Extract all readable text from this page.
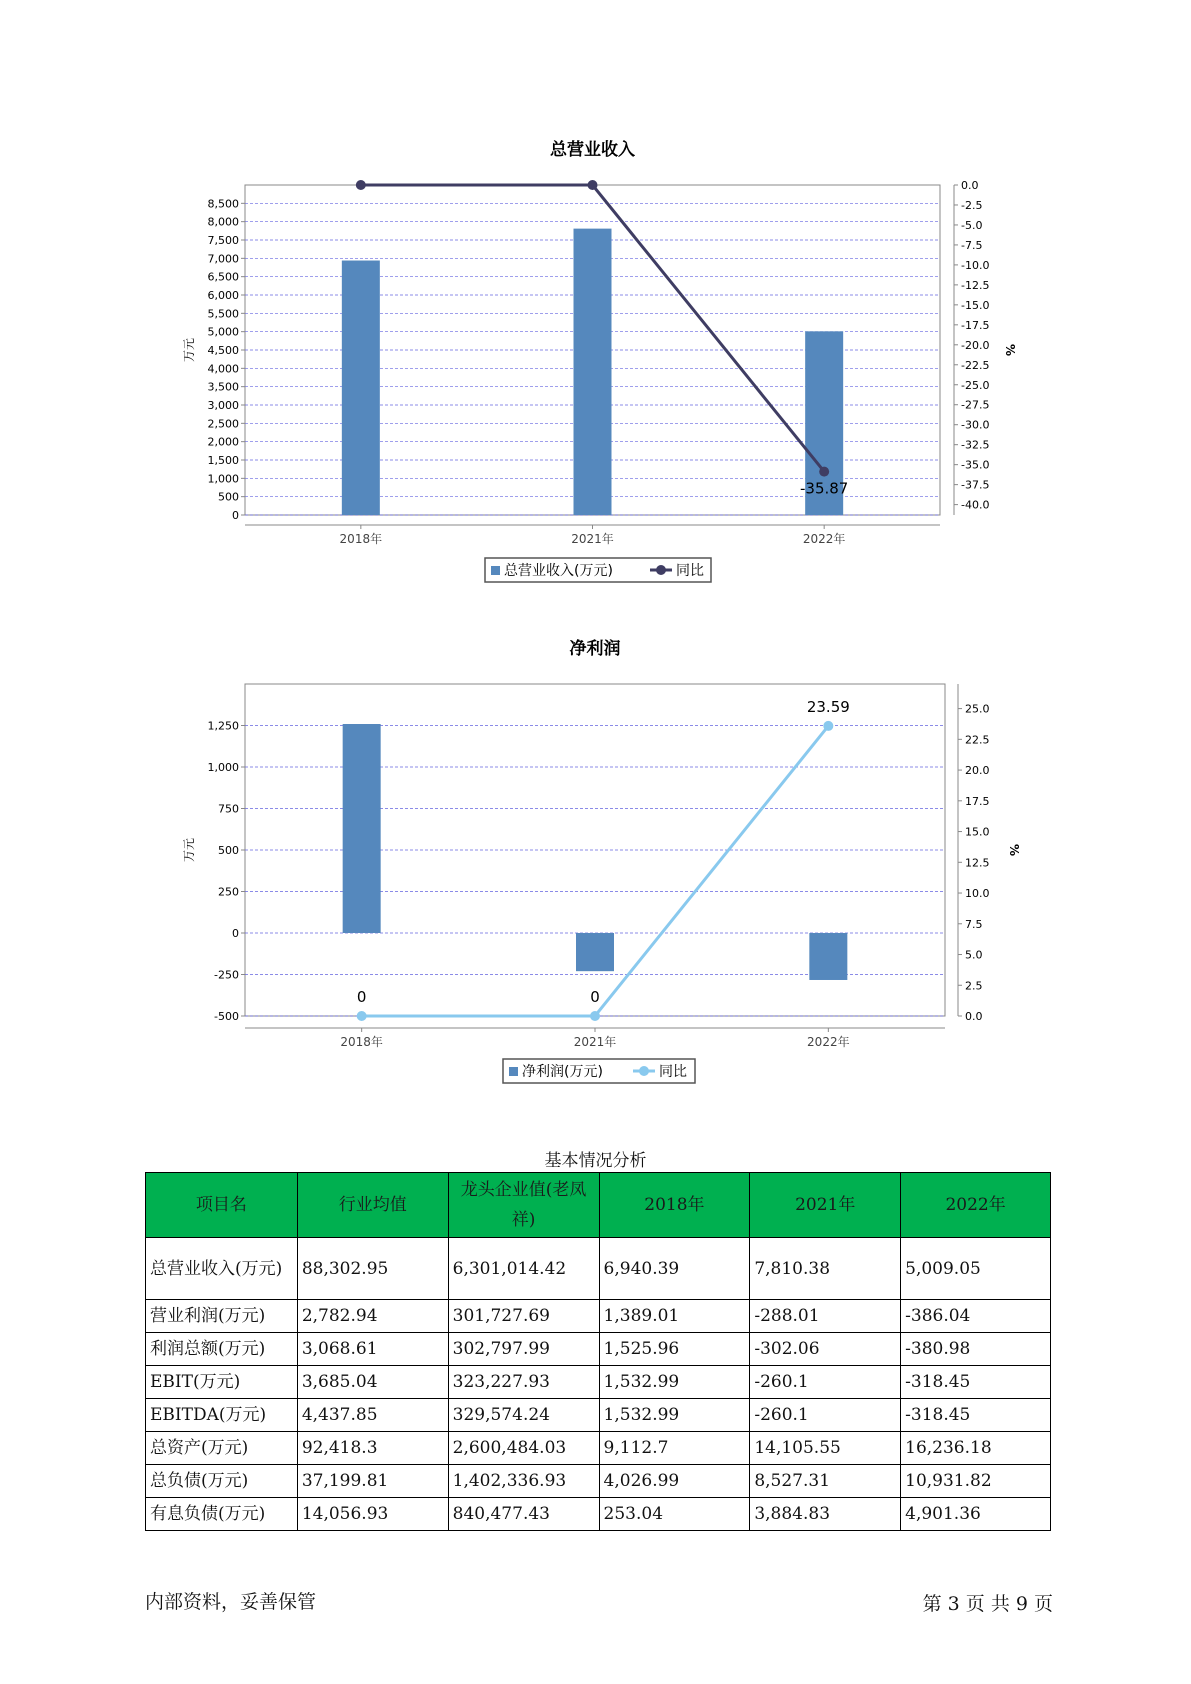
总营业收入
0
500
1,000
1,500
2,000
2,500
3,000
3,500
4,000
4,500
5,000
5,500
6,000
6,500
7,000
7,500
8,000
8,500
0.0
-2.5
-5.0
-7.5
-10.0
-12.5
-15.0
-17.5
-20.0
-22.5
-25.0
-27.5
-30.0
-32.5
-35.0
-37.5
-40.0
2018年	2021年	2022年
万元	%
-35.87
总营业收入(万元)	同比
净利润
-500
-250
0
250
500
750
1,000
1,250
0.0
2.5
5.0
7.5
10.0
12.5
15.0
17.5
20.0
22.5
25.0
2018年	2021年	2022年
万元	%
0	0
23.59
净利润(万元)	同比
基本情况分析
项目名	行业均值	龙头企业值(老凤祥)	2018年	2021年	2022年
总营业收入(万元)	88,302.95	6,301,014.42	6,940.39	7,810.38	5,009.05
营业利润(万元)	2,782.94	301,727.69	1,389.01	-288.01	-386.04
利润总额(万元)	3,068.61	302,797.99	1,525.96	-302.06	-380.98
EBIT(万元)	3,685.04	323,227.93	1,532.99	-260.1	-318.45
EBITDA(万元)	4,437.85	329,574.24	1,532.99	-260.1	-318.45
总资产(万元)	92,418.3	2,600,484.03	9,112.7	14,105.55	16,236.18
总负债(万元)	37,199.81	1,402,336.93	4,026.99	8,527.31	10,931.82
有息负债(万元)	14,056.93	840,477.43	253.04	3,884.83	4,901.36
内部资料，妥善保管	第 3 页 共 9 页
